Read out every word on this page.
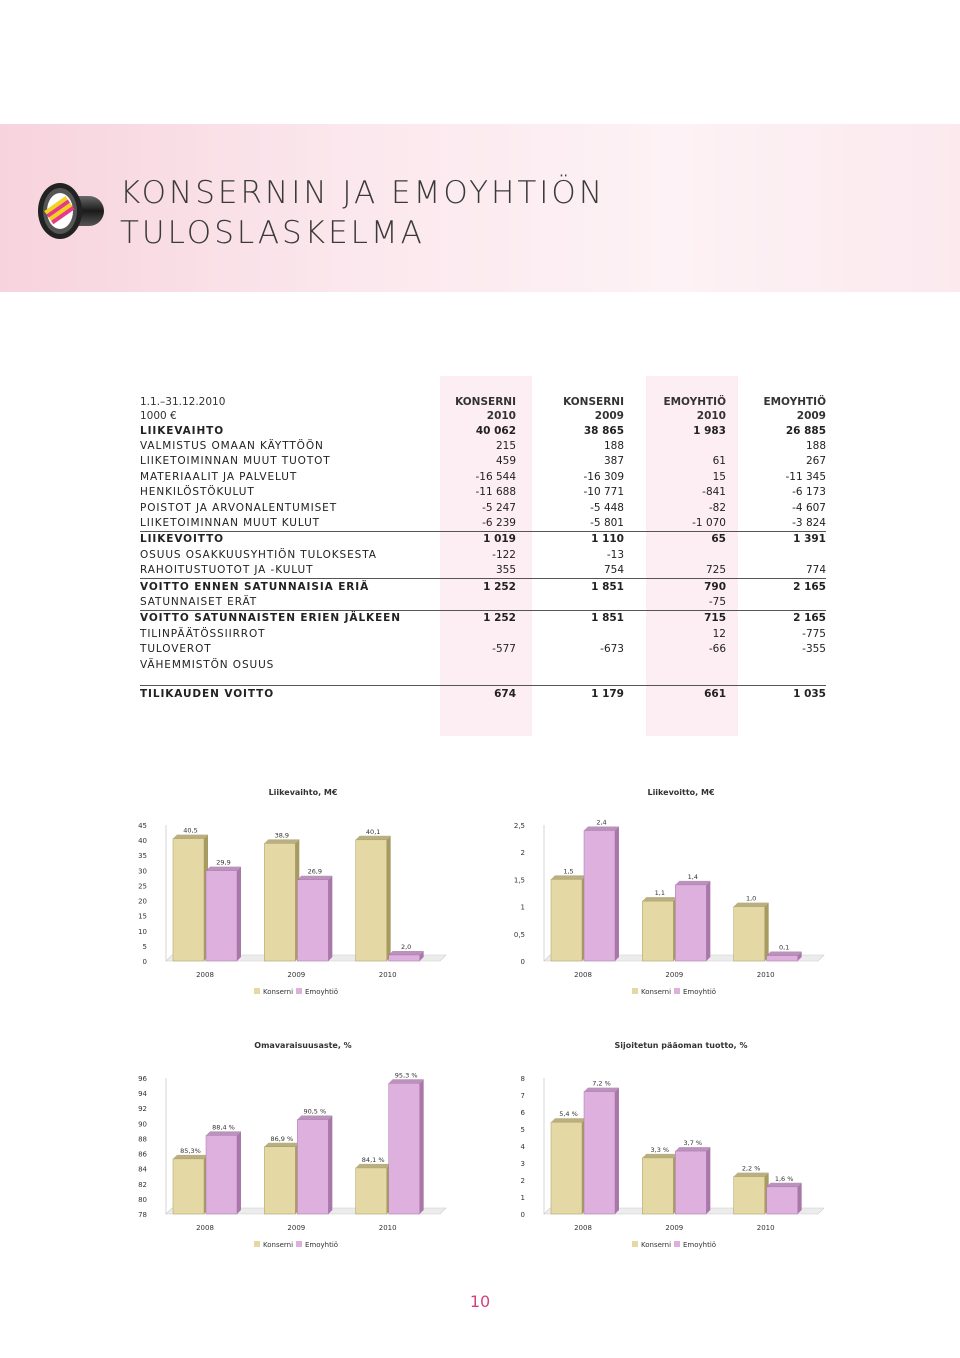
KONSERNIN JA EMOYHTIÖN
TULOSLASKELMA
1.1.–31.12.2010	KONSERNI	KONSERNI	EMOYHTIÖ	EMOYHTIÖ
1000 €	2010	2009	2010	2009
LIIKEVAIHTO	40 062	38 865	1 983	26 885
VALMISTUS OMAAN KÄYTTÖÖN	215	188		188
LIIKETOIMINNAN MUUT TUOTOT	459	387	61	267
MATERIAALIT JA PALVELUT	-16 544	-16 309	15	-11 345
HENKILÖSTÖKULUT	-11 688	-10 771	-841	-6 173
POISTOT JA ARVONALENTUMISET	-5 247	-5 448	-82	-4 607
LIIKETOIMINNAN MUUT KULUT	-6 239	-5 801	-1 070	-3 824
LIIKEVOITTO	1 019	1 110	65	1 391
OSUUS OSAKKUUSYHTIÖN TULOKSESTA	-122	-13		
RAHOITUSTUOTOT JA -KULUT	355	754	725	774
VOITTO ENNEN SATUNNAISIA ERIÄ	1 252	1 851	790	2 165
SATUNNAISET ERÄT			-75	
VOITTO SATUNNAISTEN ERIEN JÄLKEEN	1 252	1 851	715	2 165
TILINPÄÄTÖSSIIRROT			12	-775
TULOVEROT	-577	-673	-66	-355
VÄHEMMISTÖN OSUUS				

TILIKAUDEN VOITTO	674	1 179	661	1 035
Liikevaihto, M€
0
5
10
15
20
25
30
35
40
45
40,5
29,9
2008
38,9
26,9
2009
40,1
2,0
2010
Konserni Emoyhtiö
Liikevoitto, M€
0
0,5
1
1,5
2
2,5
1,5
2,4
2008
1,1
1,4
2009
1,0
0,1
2010
Konserni Emoyhtiö
Omavaraisuusaste, %
78
80
82
84
86
88
90
92
94
96
85,3%
88,4 %
2008
86,9 %
90,5 %
2009
84,1 %
95,3 %
2010
Konserni Emoyhtiö
Sijoitetun pääoman tuotto, %
0
1
2
3
4
5
6
7
8
5,4 %
7,2 %
2008
3,3 %
3,7 %
2009
2,2 %
1,6 %
2010
Konserni Emoyhtiö
10
